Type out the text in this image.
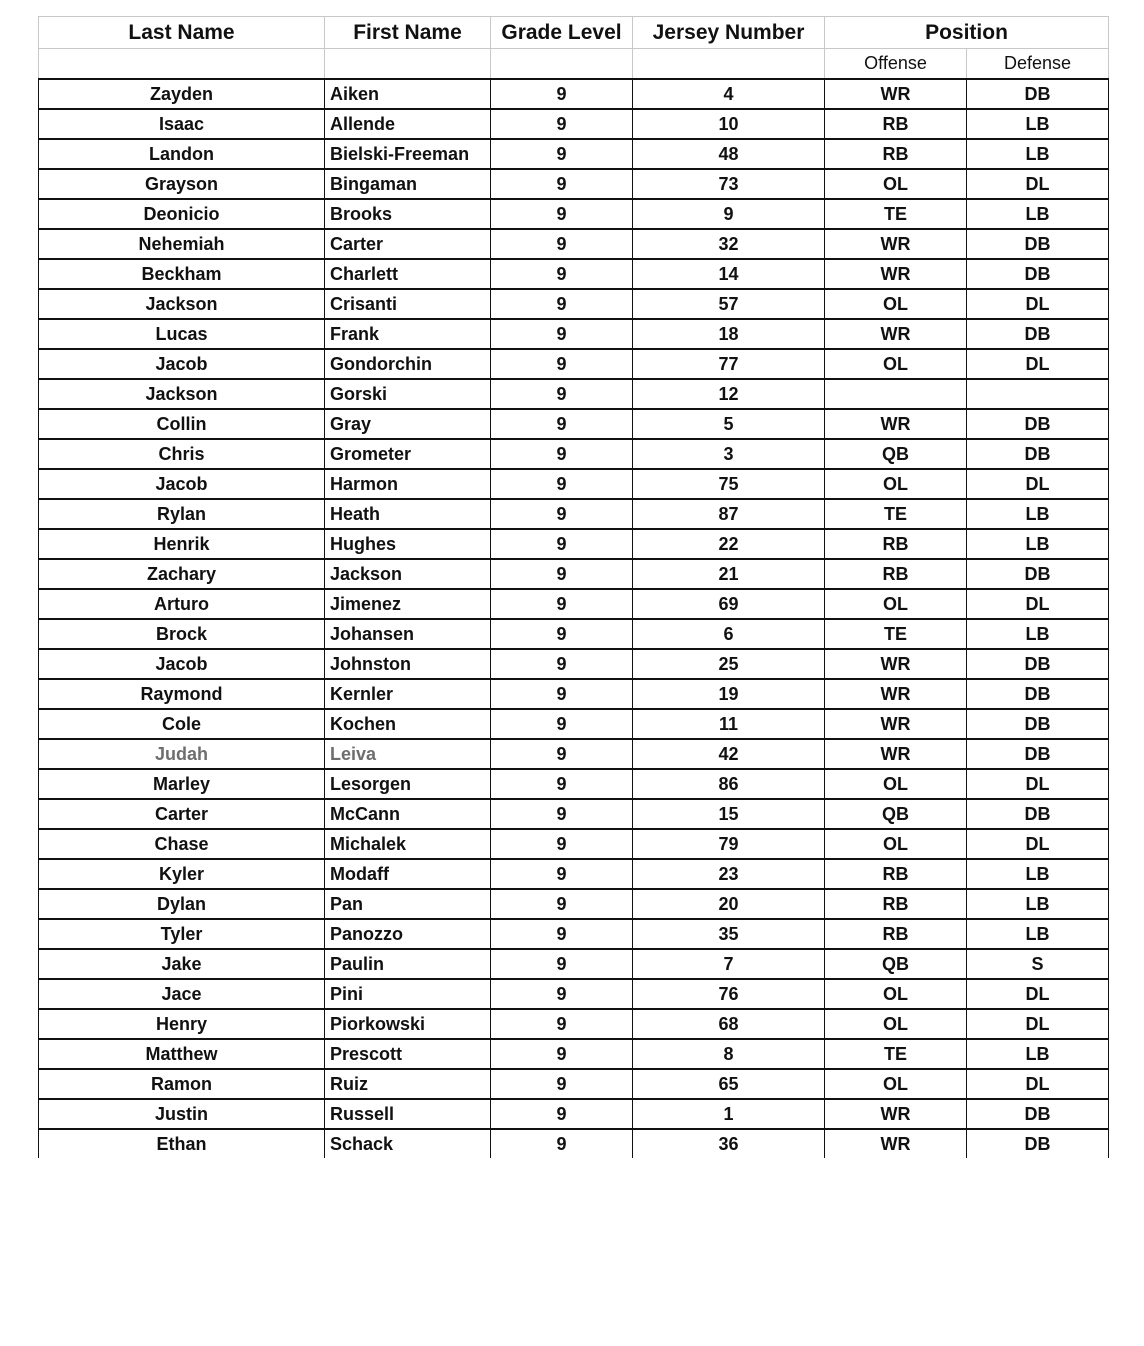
Last Name	First Name	Grade Level	Jersey Number	Position	
				Offense	Defense
Zayden	Aiken	9	4	WR	DB
Isaac	Allende	9	10	RB	LB
Landon	Bielski-Freeman	9	48	RB	LB
Grayson	Bingaman	9	73	OL	DL
Deonicio	Brooks	9	9	TE	LB
Nehemiah	Carter	9	32	WR	DB
Beckham	Charlett	9	14	WR	DB
Jackson	Crisanti	9	57	OL	DL
Lucas	Frank	9	18	WR	DB
Jacob	Gondorchin	9	77	OL	DL
Jackson	Gorski	9	12		
Collin	Gray	9	5	WR	DB
Chris	Grometer	9	3	QB	DB
Jacob	Harmon	9	75	OL	DL
Rylan	Heath	9	87	TE	LB
Henrik	Hughes	9	22	RB	LB
Zachary	Jackson	9	21	RB	DB
Arturo	Jimenez	9	69	OL	DL
Brock	Johansen	9	6	TE	LB
Jacob	Johnston	9	25	WR	DB
Raymond	Kernler	9	19	WR	DB
Cole	Kochen	9	11	WR	DB
Judah	Leiva	9	42	WR	DB
Marley	Lesorgen	9	86	OL	DL
Carter	McCann	9	15	QB	DB
Chase	Michalek	9	79	OL	DL
Kyler	Modaff	9	23	RB	LB
Dylan	Pan	9	20	RB	LB
Tyler	Panozzo	9	35	RB	LB
Jake	Paulin	9	7	QB	S
Jace	Pini	9	76	OL	DL
Henry	Piorkowski	9	68	OL	DL
Matthew	Prescott	9	8	TE	LB
Ramon	Ruiz	9	65	OL	DL
Justin	Russell	9	1	WR	DB
Ethan	Schack	9	36	WR	DB
